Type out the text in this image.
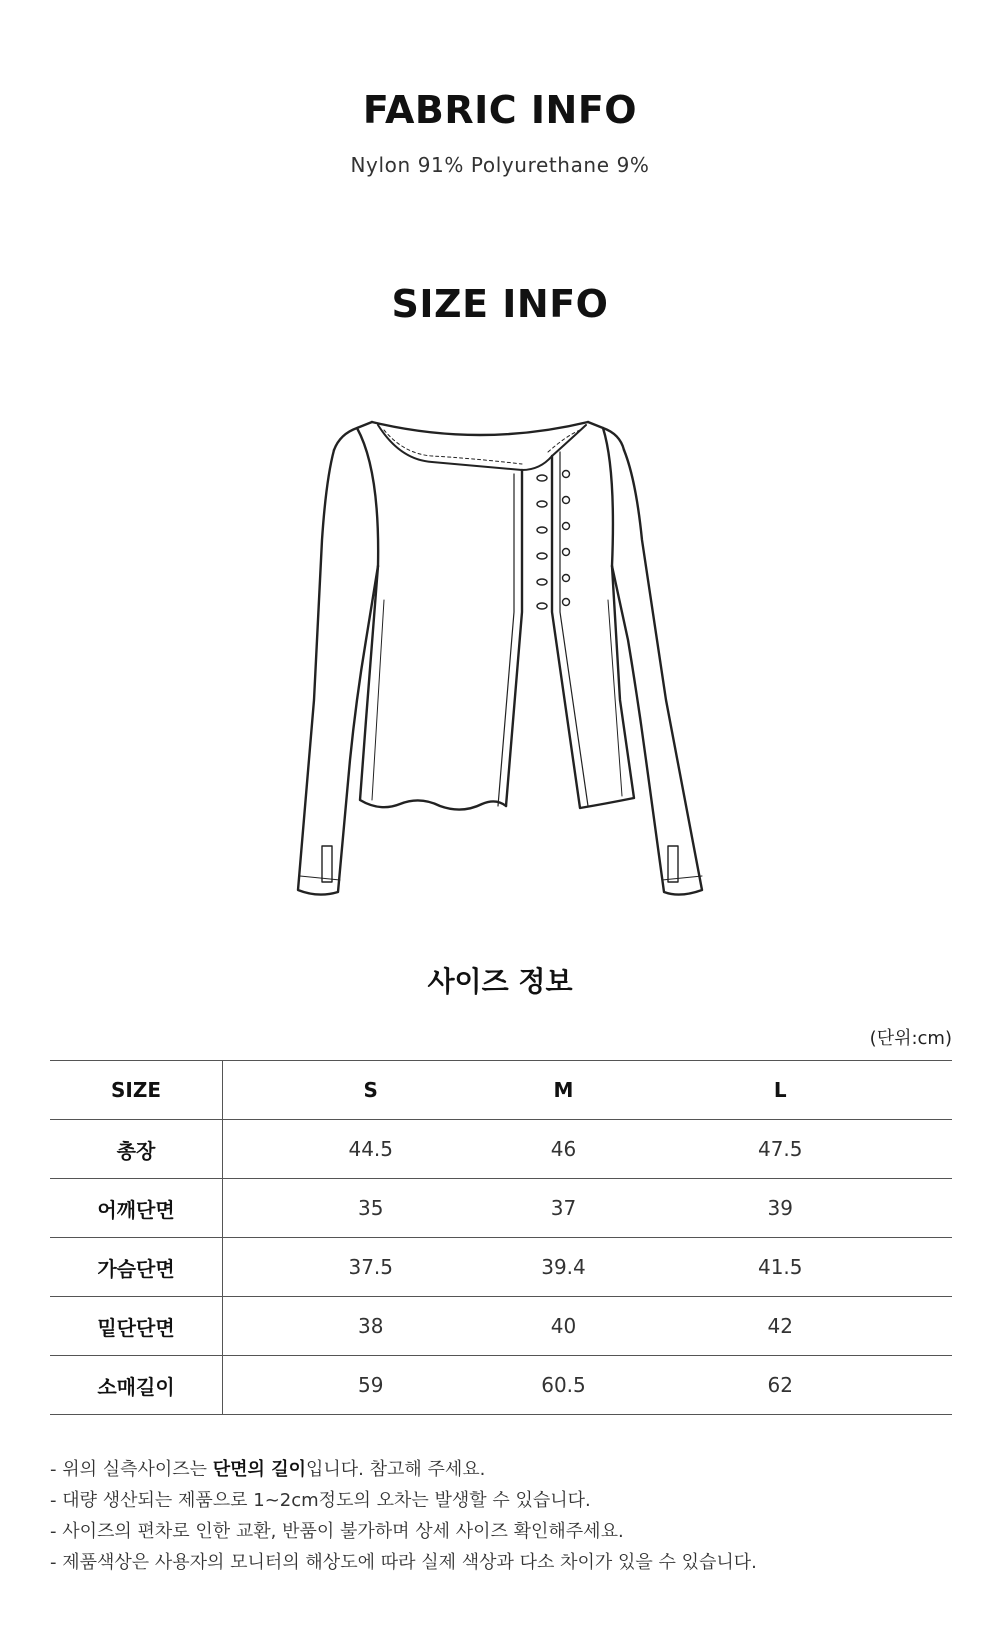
FABRIC INFO
Nylon 91% Polyurethane 9%
SIZE INFO
사이즈 정보
(단위:cm)
SIZE	S	M	L
총장	44.5	46	47.5
어깨단면	35	37	39
가슴단면	37.5	39.4	41.5
밑단단면	38	40	42
소매길이	59	60.5	62
- 위의 실측사이즈는 단면의 길이입니다. 참고해 주세요.
- 대량 생산되는 제품으로 1~2cm정도의 오차는 발생할 수 있습니다.
- 사이즈의 편차로 인한 교환, 반품이 불가하며 상세 사이즈 확인해주세요.
- 제품색상은 사용자의 모니터의 해상도에 따라 실제 색상과 다소 차이가 있을 수 있습니다.
